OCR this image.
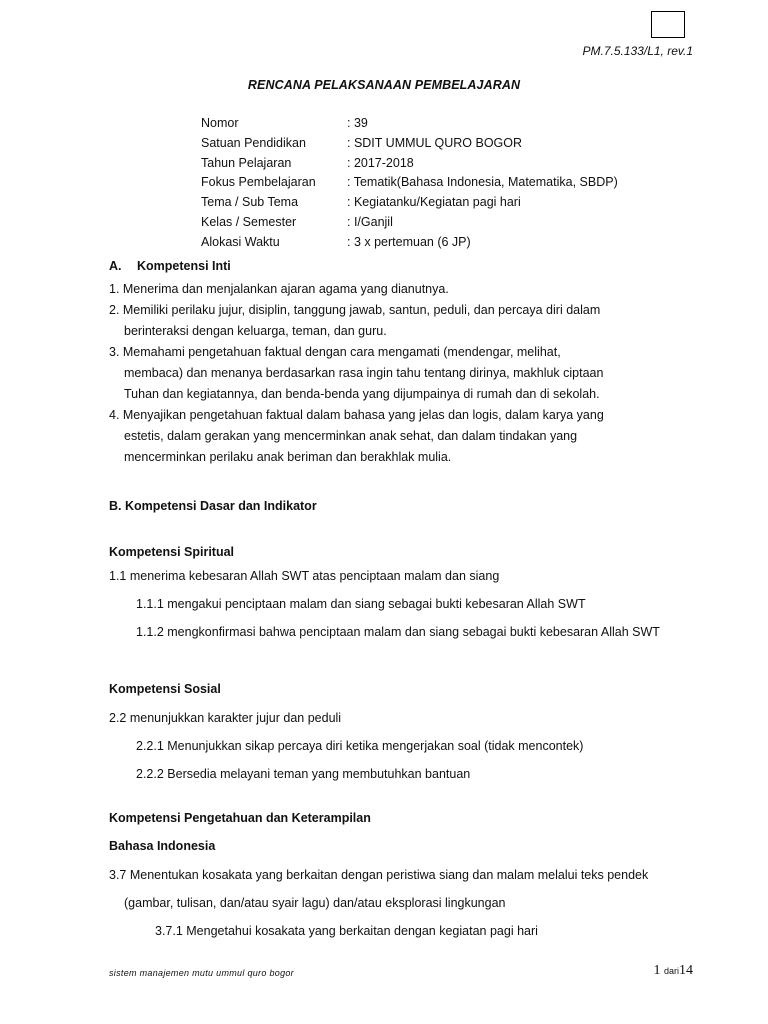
PM.7.5.133/L1, rev.1
RENCANA PELAKSANAAN PEMBELAJARAN
Nomor	: 39
Satuan Pendidikan	: SDIT UMMUL QURO BOGOR
Tahun Pelajaran	: 2017-2018
Fokus Pembelajaran	: Tematik(Bahasa Indonesia, Matematika, SBDP)
Tema / Sub Tema	: Kegiatanku/Kegiatan pagi hari
Kelas / Semester	: I/Ganjil
Alokasi Waktu	: 3 x pertemuan (6 JP)
A. Kompetensi Inti
1. Menerima dan menjalankan ajaran agama yang dianutnya.
2. Memiliki perilaku jujur, disiplin, tanggung jawab, santun, peduli, dan percaya diri dalam
berinteraksi dengan keluarga, teman, dan guru.
3. Memahami pengetahuan faktual dengan cara mengamati (mendengar, melihat,
membaca) dan menanya berdasarkan rasa ingin tahu tentang dirinya, makhluk ciptaan
Tuhan dan kegiatannya, dan benda-benda yang dijumpainya di rumah dan di sekolah.
4. Menyajikan pengetahuan faktual dalam bahasa yang jelas dan logis, dalam karya yang
estetis, dalam gerakan yang mencerminkan anak sehat, dan dalam tindakan yang
mencerminkan perilaku anak beriman dan berakhlak mulia.
B. Kompetensi Dasar dan Indikator
Kompetensi Spiritual
1.1 menerima kebesaran Allah SWT atas penciptaan malam dan siang
1.1.1 mengakui penciptaan malam dan siang sebagai bukti kebesaran Allah SWT
1.1.2 mengkonfirmasi bahwa penciptaan malam dan siang sebagai bukti kebesaran Allah SWT
Kompetensi Sosial
2.2 menunjukkan karakter jujur dan peduli
2.2.1 Menunjukkan sikap percaya diri ketika mengerjakan soal (tidak mencontek)
2.2.2 Bersedia melayani teman yang membutuhkan bantuan
Kompetensi Pengetahuan dan Keterampilan
Bahasa Indonesia
3.7 Menentukan kosakata yang berkaitan dengan peristiwa siang dan malam melalui teks pendek
(gambar, tulisan, dan/atau syair lagu) dan/atau eksplorasi lingkungan
3.7.1 Mengetahui kosakata yang berkaitan dengan kegiatan pagi hari
sistem manajemen mutu ummul quro bogor	1 dari14
